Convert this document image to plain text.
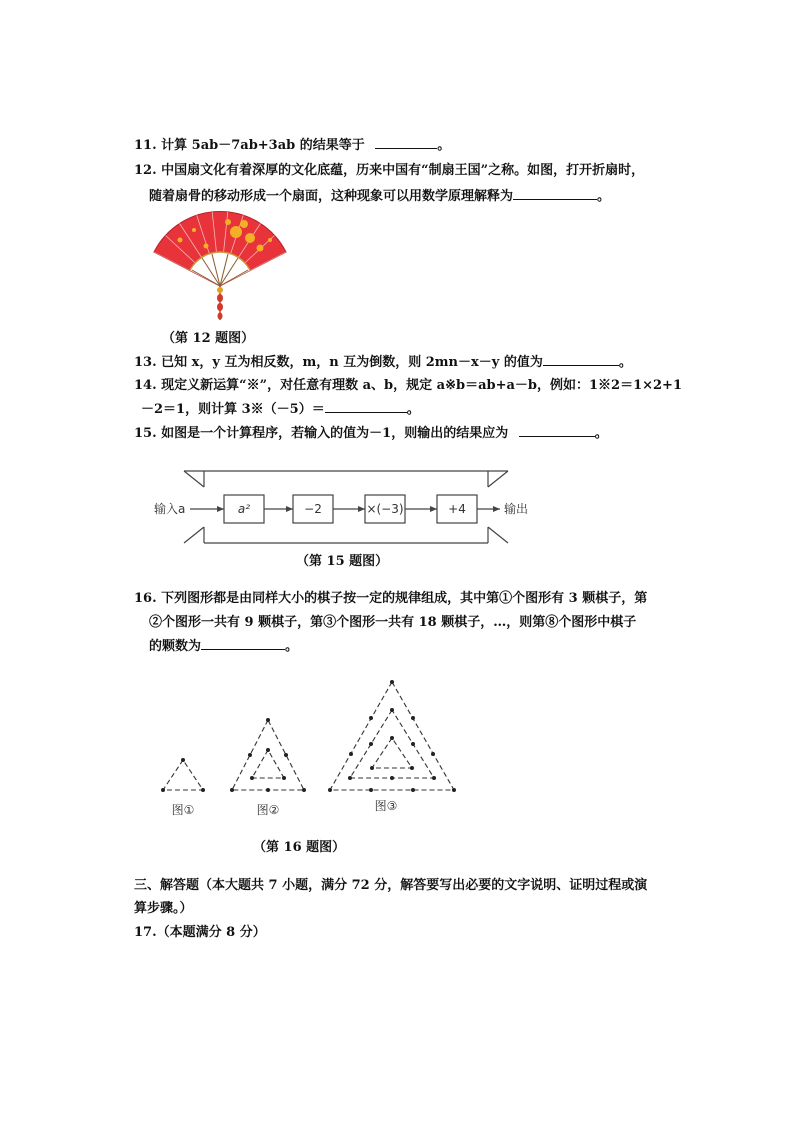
11. 计算 5ab－7ab+3ab 的结果等于	。
12. 中国扇文化有着深厚的文化底蕴，历来中国有“制扇王国”之称。如图，打开折扇时，
随着扇骨的移动形成一个扇面，这种现象可以用数学原理解释为	。
（第 12 题图）
13. 已知 x，y 互为相反数，m，n 互为倒数，则 2mn－x－y 的值为	。
14. 现定义新运算“※”，对任意有理数 a、b，规定 a※b＝ab+a－b，例如：1※2＝1×2+1
－2＝1，则计算 3※（－5）＝	。
15. 如图是一个计算程序，若输入的值为－1，则输出的结果应为	。
输入a	a²	−2	×(−3)	+4	输出
（第 15 题图）
16. 下列图形都是由同样大小的棋子按一定的规律组成，其中第①个图形有 3 颗棋子，第
②个图形一共有 9 颗棋子，第③个图形一共有 18 颗棋子，…，则第⑧个图形中棋子
的颗数为	。
图①	图②	图③
（第 16 题图）
三、解答题（本大题共 7 小题，满分 72 分，解答要写出必要的文字说明、证明过程或演
算步骤。）
17.（本题满分 8 分）
